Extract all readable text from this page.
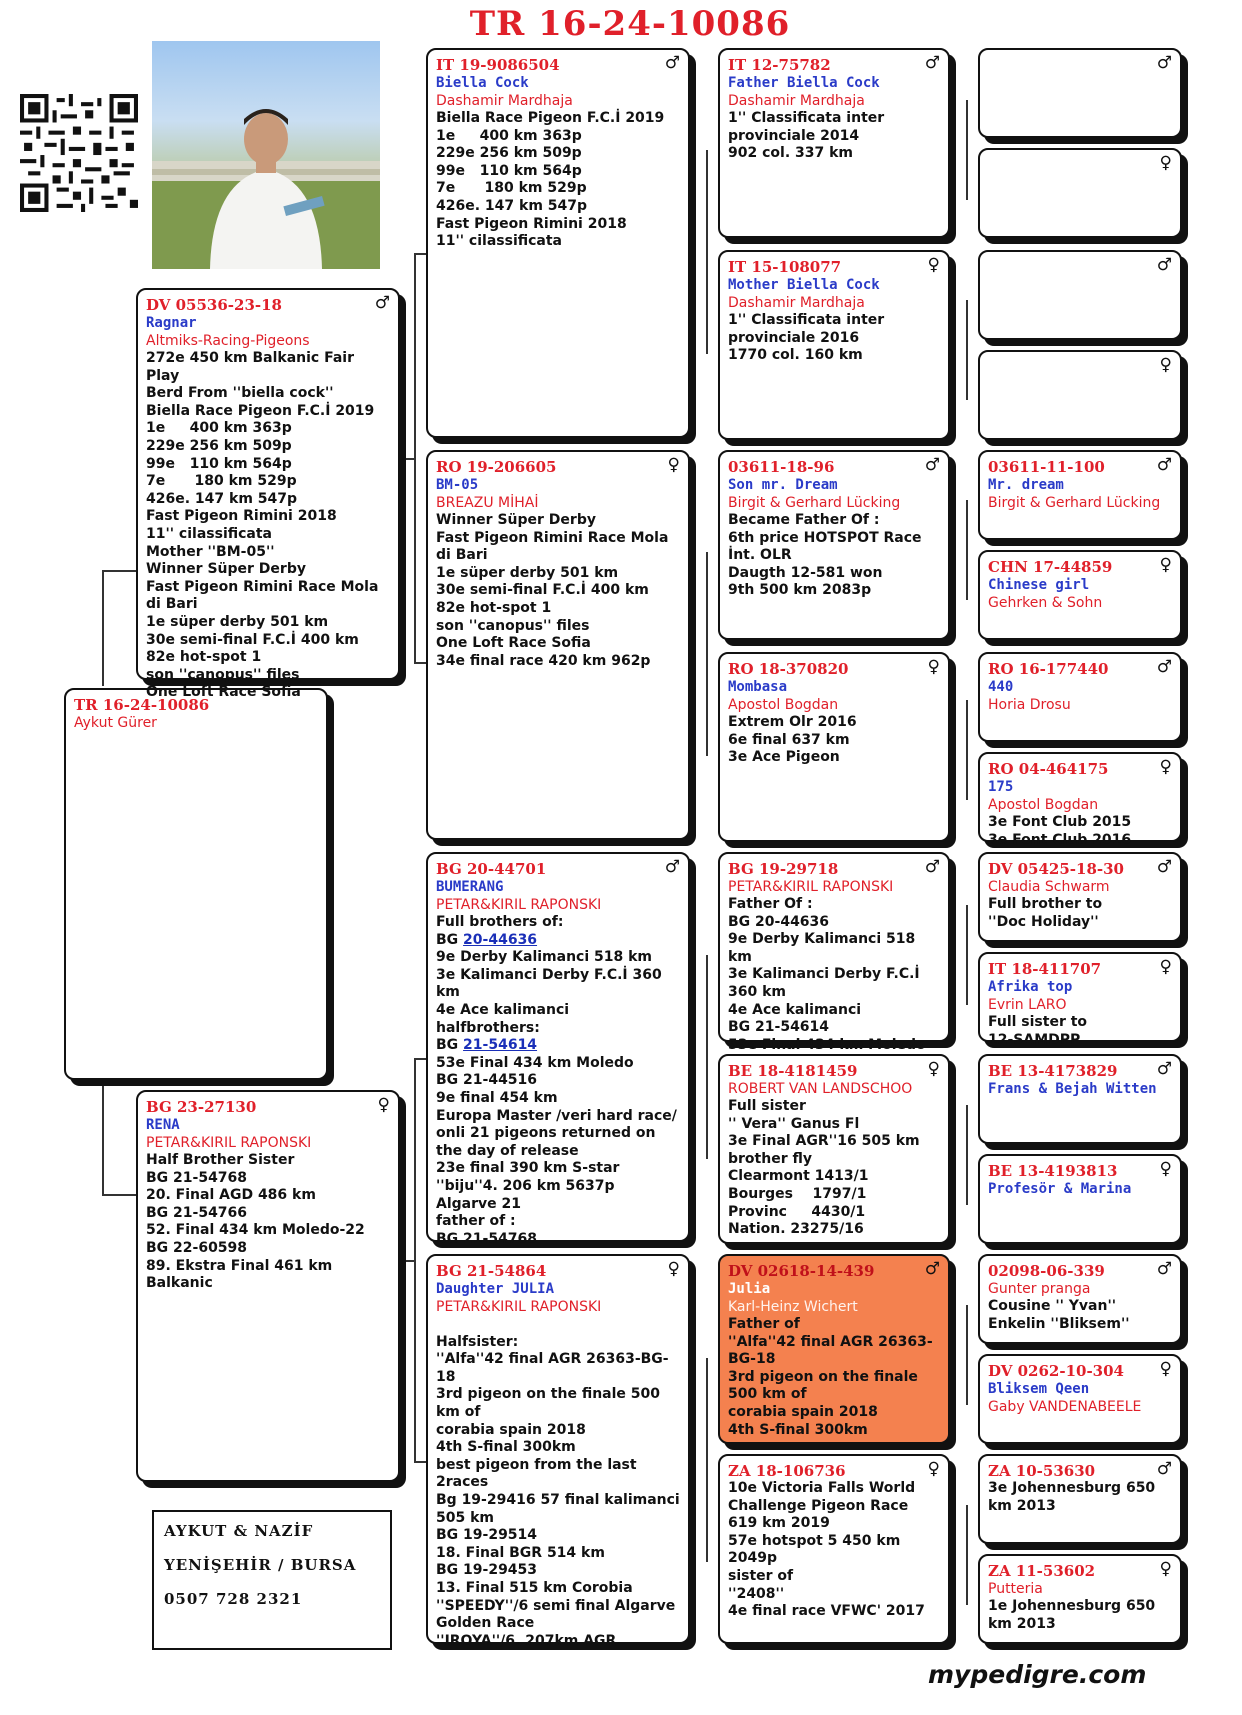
TR 16-24-10086
TR 16-24-10086
Aykut Gürer
♂
DV 05536-23-18
Ragnar
Altmiks-Racing-Pigeons
272e 450 km Balkanic Fair Play
Berd From ''biella cock''
Biella Race Pigeon F.C.İ 2019
1e     400 km 363p
229e 256 km 509p
99e   110 km 564p
7e      180 km 529p
426e. 147 km 547p
Fast Pigeon Rimini 2018
11'' cilassificata
Mother ''BM-05''
Winner Süper Derby
Fast Pigeon Rimini Race Mola di Bari
1e süper derby 501 km
30e semi-final F.C.İ 400 km
82e hot-spot 1
son ''canopus'' files
One Loft Race Sofia
♀
BG 23-27130
RENA
PETAR&KIRIL RAPONSKI
Half Brother Sister
BG 21-54768
20. Final AGD 486 km
BG 21-54766
52. Final 434 km Moledo-22
BG 22-60598
89. Ekstra Final 461 km Balkanic
♂
IT 19-9086504
Biella Cock
Dashamir Mardhaja
Biella Race Pigeon F.C.İ 2019
1e     400 km 363p
229e 256 km 509p
99e   110 km 564p
7e      180 km 529p
426e. 147 km 547p
Fast Pigeon Rimini 2018
11'' cilassificata
♀
RO 19-206605
BM-05
BREAZU MİHAİ
Winner Süper Derby
Fast Pigeon Rimini Race Mola di Bari
1e süper derby 501 km
30e semi-final F.C.İ 400 km
82e hot-spot 1
son ''canopus'' files
One Loft Race Sofia
34e final race 420 km 962p
♂
BG 20-44701
BUMERANG
PETAR&KIRIL RAPONSKI
Full brothers of:
BG 20-44636
9e Derby Kalimanci 518 km
3e Kalimanci Derby F.C.İ 360 km
4e Ace kalimanci
halfbrothers:
BG 21-54614
53e Final 434 km Moledo
BG 21-44516
9e final 454 km
Europa Master /veri hard race/ onli 21 pigeons returned on the day of release
23e final 390 km S-star
''biju''4. 206 km 5637p
Algarve 21
father of :
BG 21-54768
♀
BG 21-54864
Daughter JULIA
PETAR&KIRIL RAPONSKI

Halfsister:
''Alfa''42 final AGR 26363-BG-18
3rd pigeon on the finale 500 km of
corabia spain 2018
4th S-final 300km
best pigeon from the last 2races
Bg 19-29416 57 final kalimanci 505 km
BG 19-29514
18. Final BGR 514 km
BG 19-29453
13. Final 515 km Corobia
''SPEEDY''/6 semi final Algarve Golden Race
''IROYA''/6. 207km AGR
♂
IT 12-75782
Father Biella Cock
Dashamir Mardhaja
1'' Classificata inter provinciale 2014
902 col. 337 km
♀
IT 15-108077
Mother Biella Cock
Dashamir Mardhaja
1'' Classificata inter provinciale 2016
1770 col. 160 km
♂
03611-18-96
Son mr. Dream
Birgit & Gerhard Lücking
Became Father Of :
6th price HOTSPOT Race İnt. OLR
Daugth 12-581 won
9th 500 km 2083p
♀
RO 18-370820
Mombasa
Apostol Bogdan
Extrem Olr 2016
6e final 637 km
3e Ace Pigeon
♂
BG 19-29718
PETAR&KIRIL RAPONSKI
Father Of :
BG 20-44636
9e Derby Kalimanci 518 km
3e Kalimanci Derby F.C.İ 360 km
4e Ace kalimanci
BG 21-54614
53e Final 434 km Moledo
♀
BE 18-4181459
ROBERT VAN LANDSCHOO
Full sister
'' Vera'' Ganus Fl
3e Final AGR''16 505 km
brother fly
Clearmont 1413/1
Bourges    1797/1
Provinc     4430/1
Nation. 23275/16
♂
DV 02618-14-439
Julia
Karl-Heinz Wichert
Father of
''Alfa''42 final AGR 26363-BG-18
3rd pigeon on the finale 500 km of
corabia spain 2018
4th S-final 300km
♀
ZA 18-106736
10e Victoria Falls World Challenge Pigeon Race
619 km 2019
57e hotspot 5 450 km 2049p
sister of
''2408''
4e final race VFWC' 2017
♂
♀
♂
♀
♂
03611-11-100
Mr. dream
Birgit & Gerhard Lücking
♀
CHN 17-44859
Chinese girl
Gehrken & Sohn
♂
RO 16-177440
440
Horia Drosu
♀
RO 04-464175
175
Apostol Bogdan
3e Font Club 2015
3e Font Club 2016
♂
DV 05425-18-30
Claudia Schwarm
Full brother to
''Doc Holiday''
♀
IT 18-411707
Afrika top
Evrin LARO
Full sister to
12-SAMDPP
♂
BE 13-4173829
Frans & Bejah Witten
♀
BE 13-4193813
Profesör & Marina
♂
02098-06-339
Gunter pranga
Cousine '' Yvan''
Enkelin ''Bliksem''
♀
DV 0262-10-304
Bliksem Qeen
Gaby VANDENABEELE
♂
ZA 10-53630
3e Johennesburg 650 km 2013
♀
ZA 11-53602
Putteria
1e Johennesburg 650 km 2013
AYKUT & NAZİF
YENİŞEHİR / BURSA
0507 728 2321
mypedigre.com
